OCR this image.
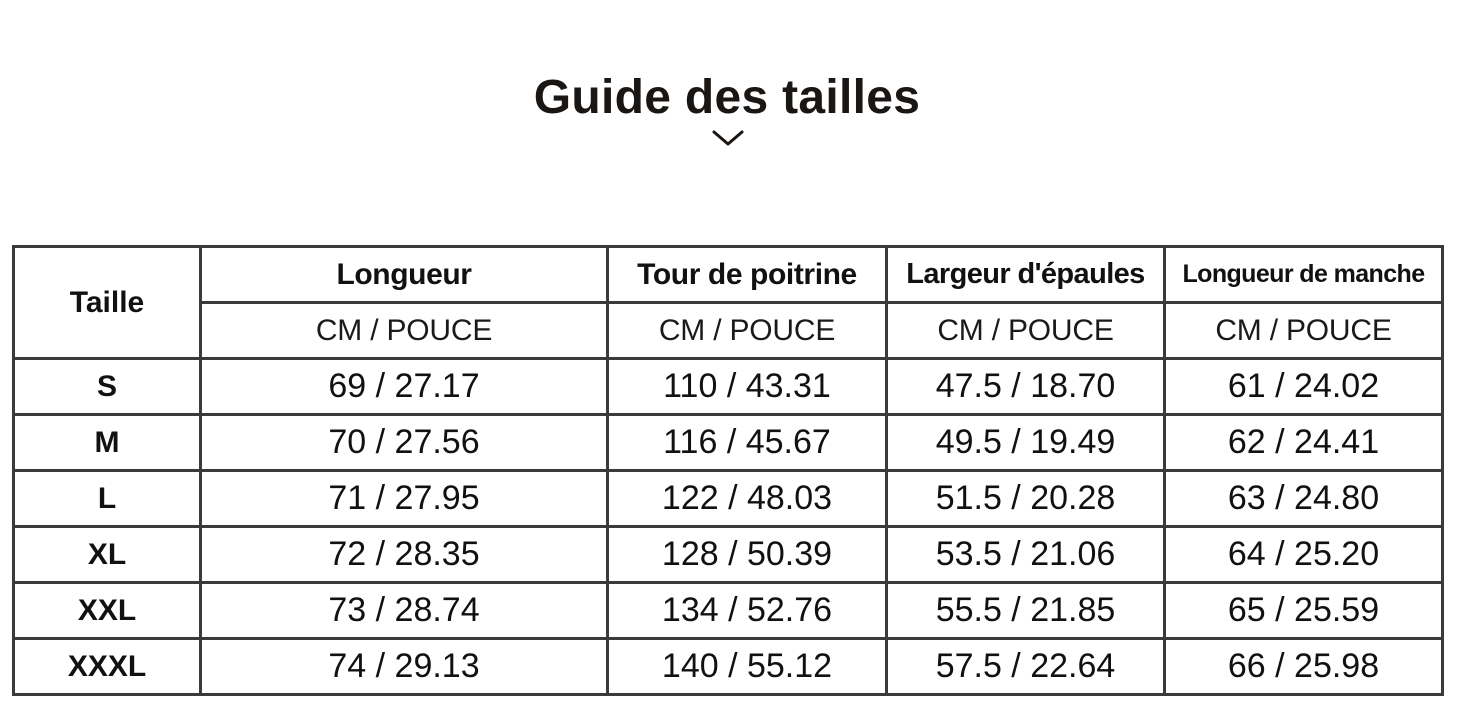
Guide des tailles
Taille	Longueur	Tour de poitrine	Largeur d'épaules	Longueur de manche
	CM / POUCE	CM / POUCE	CM / POUCE	CM / POUCE
S	69 / 27.17	110 / 43.31	47.5 / 18.70	61 / 24.02
M	70 / 27.56	116 / 45.67	49.5 / 19.49	62 / 24.41
L	71 / 27.95	122 / 48.03	51.5 / 20.28	63 / 24.80
XL	72 / 28.35	128 / 50.39	53.5 / 21.06	64 / 25.20
XXL	73 / 28.74	134 / 52.76	55.5 / 21.85	65 / 25.59
XXXL	74 / 29.13	140 / 55.12	57.5 / 22.64	66 / 25.98
